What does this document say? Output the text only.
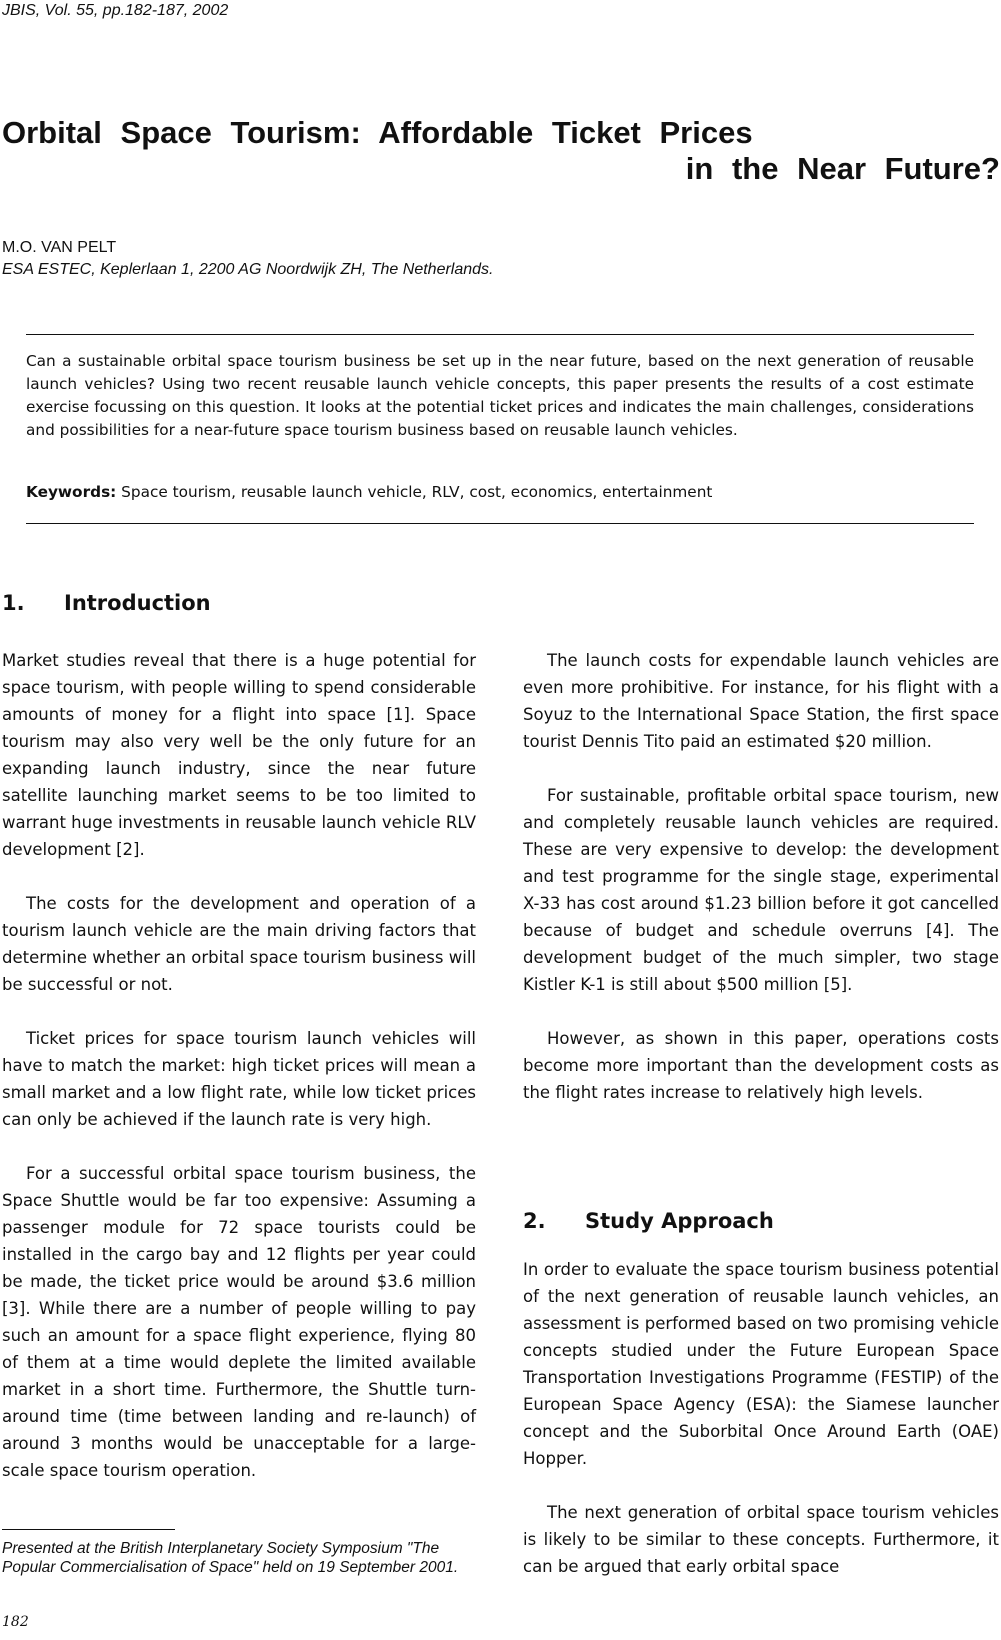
JBIS, Vol. 55, pp.182-187, 2002
Orbital Space Tourism: Affordable Ticket Prices
in the Near Future?
M.O. VAN PELT
ESA ESTEC, Keplerlaan 1, 2200 AG Noordwijk ZH, The Netherlands.
Can a sustainable orbital space tourism business be set up in the near future, based on the next generation of reusable launch vehicles? Using two recent reusable launch vehicle concepts, this paper presents the results of a cost estimate exercise focussing on this question. It looks at the potential ticket prices and indicates the main challenges, considerations and possibilities for a near-future space tourism business based on reusable launch vehicles.
Keywords: Space tourism, reusable launch vehicle, RLV, cost, economics, entertainment
1. Introduction

Market studies reveal that there is a huge potential for space tourism, with people willing to spend considerable amounts of money for a flight into space [1]. Space tourism may also very well be the only future for an expanding launch industry, since the near future satellite launching market seems to be too limited to warrant huge investments in reusable launch vehicle RLV development [2].

The costs for the development and operation of a tourism launch vehicle are the main driving factors that determine whether an orbital space tourism business will be successful or not.

Ticket prices for space tourism launch vehicles will have to match the market: high ticket prices will mean a small market and a low flight rate, while low ticket prices can only be achieved if the launch rate is very high.

For a successful orbital space tourism business, the Space Shuttle would be far too expensive: Assuming a passenger module for 72 space tourists could be installed in the cargo bay and 12 flights per year could be made, the ticket price would be around $3.6 million [3]. While there are a number of people willing to pay such an amount for a space flight experience, flying 80 of them at a time would deplete the limited available market in a short time. Furthermore, the Shuttle turn-around time (time between landing and re-launch) of around 3 months would be unacceptable for a large-scale space tourism operation.

The launch costs for expendable launch vehicles are even more prohibitive. For instance, for his flight with a Soyuz to the International Space Station, the first space tourist Dennis Tito paid an estimated $20 million.

For sustainable, profitable orbital space tourism, new and completely reusable launch vehicles are required. These are very expensive to develop: the development and test programme for the single stage, experimental X-33 has cost around $1.23 billion before it got cancelled because of budget and schedule overruns [4]. The development budget of the much simpler, two stage Kistler K-1 is still about $500 million [5].

However, as shown in this paper, operations costs become more important than the development costs as the flight rates increase to relatively high levels.

2. Study Approach

In order to evaluate the space tourism business potential of the next generation of reusable launch vehicles, an assessment is performed based on two promising vehicle concepts studied under the Future European Space Transportation Investigations Programme (FESTIP) of the European Space Agency (ESA): the Siamese launcher concept and the Suborbital Once Around Earth (OAE) Hopper.

The next generation of orbital space tourism vehicles is likely to be similar to these concepts. Furthermore, it can be argued that early orbital space

Presented at the British Interplanetary Society Symposium "The Popular Commercialisation of Space" held on 19 September 2001.
182
